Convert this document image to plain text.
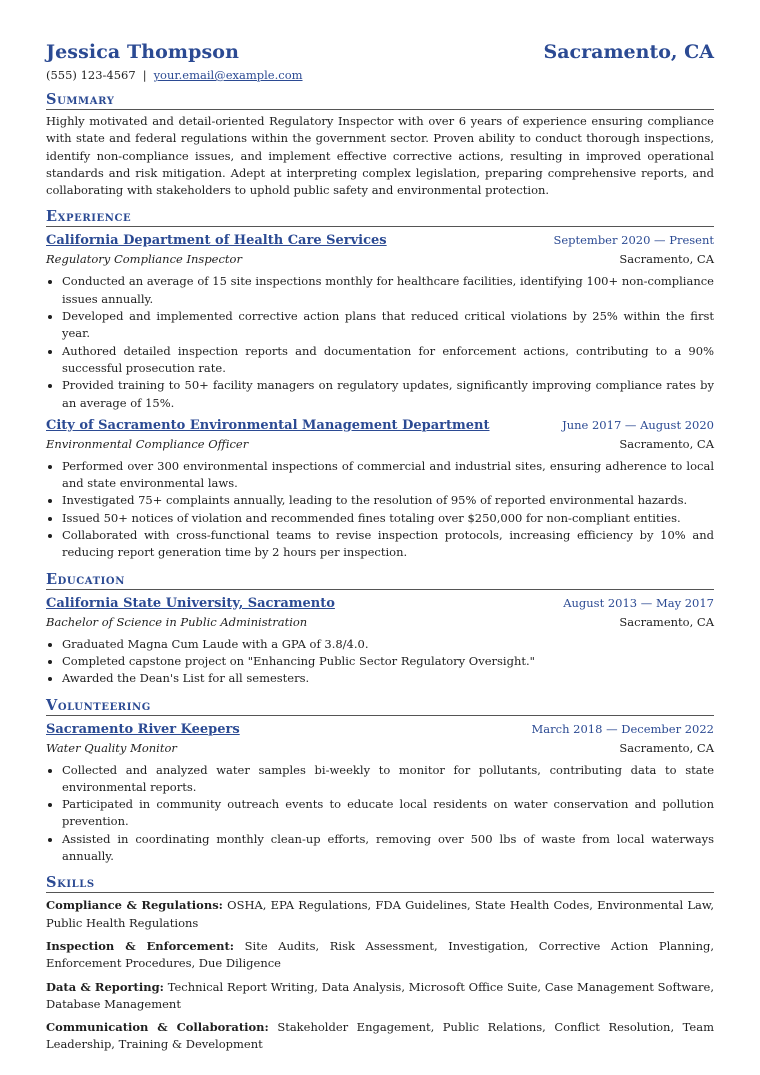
Jessica Thompson	Sacramento, CA
(555) 123-4567 | your.email@example.com
Summary
Highly motivated and detail-oriented Regulatory Inspector with over 6 years of experience ensuring compliance with state and federal regulations within the government sector. Proven ability to conduct thorough inspections, identify non-compliance issues, and implement effective corrective actions, resulting in improved operational standards and risk mitigation. Adept at interpreting complex legislation, preparing comprehensive reports, and collaborating with stakeholders to uphold public safety and environmental protection.
Experience
California Department of Health Care Services	September 2020 — Present
Regulatory Compliance Inspector	Sacramento, CA
• Conducted an average of 15 site inspections monthly for healthcare facilities, identifying 100+ non-compliance issues annually.
• Developed and implemented corrective action plans that reduced critical violations by 25% within the first year.
• Authored detailed inspection reports and documentation for enforcement actions, contributing to a 90% successful prosecution rate.
• Provided training to 50+ facility managers on regulatory updates, significantly improving compliance rates by an average of 15%.
City of Sacramento Environmental Management Department	June 2017 — August 2020
Environmental Compliance Officer	Sacramento, CA
• Performed over 300 environmental inspections of commercial and industrial sites, ensuring adherence to local and state environmental laws.
• Investigated 75+ complaints annually, leading to the resolution of 95% of reported environmental hazards.
• Issued 50+ notices of violation and recommended fines totaling over $250,000 for non-compliant entities.
• Collaborated with cross-functional teams to revise inspection protocols, increasing efficiency by 10% and reducing report generation time by 2 hours per inspection.
Education
California State University, Sacramento	August 2013 — May 2017
Bachelor of Science in Public Administration	Sacramento, CA
• Graduated Magna Cum Laude with a GPA of 3.8/4.0.
• Completed capstone project on "Enhancing Public Sector Regulatory Oversight."
• Awarded the Dean's List for all semesters.
Volunteering
Sacramento River Keepers	March 2018 — December 2022
Water Quality Monitor	Sacramento, CA
• Collected and analyzed water samples bi-weekly to monitor for pollutants, contributing data to state environmental reports.
• Participated in community outreach events to educate local residents on water conservation and pollution prevention.
• Assisted in coordinating monthly clean-up efforts, removing over 500 lbs of waste from local waterways annually.
Skills
Compliance & Regulations: OSHA, EPA Regulations, FDA Guidelines, State Health Codes, Environmental Law, Public Health Regulations
Inspection & Enforcement: Site Audits, Risk Assessment, Investigation, Corrective Action Planning, Enforcement Procedures, Due Diligence
Data & Reporting: Technical Report Writing, Data Analysis, Microsoft Office Suite, Case Management Software, Database Management
Communication & Collaboration: Stakeholder Engagement, Public Relations, Conflict Resolution, Team Leadership, Training & Development
